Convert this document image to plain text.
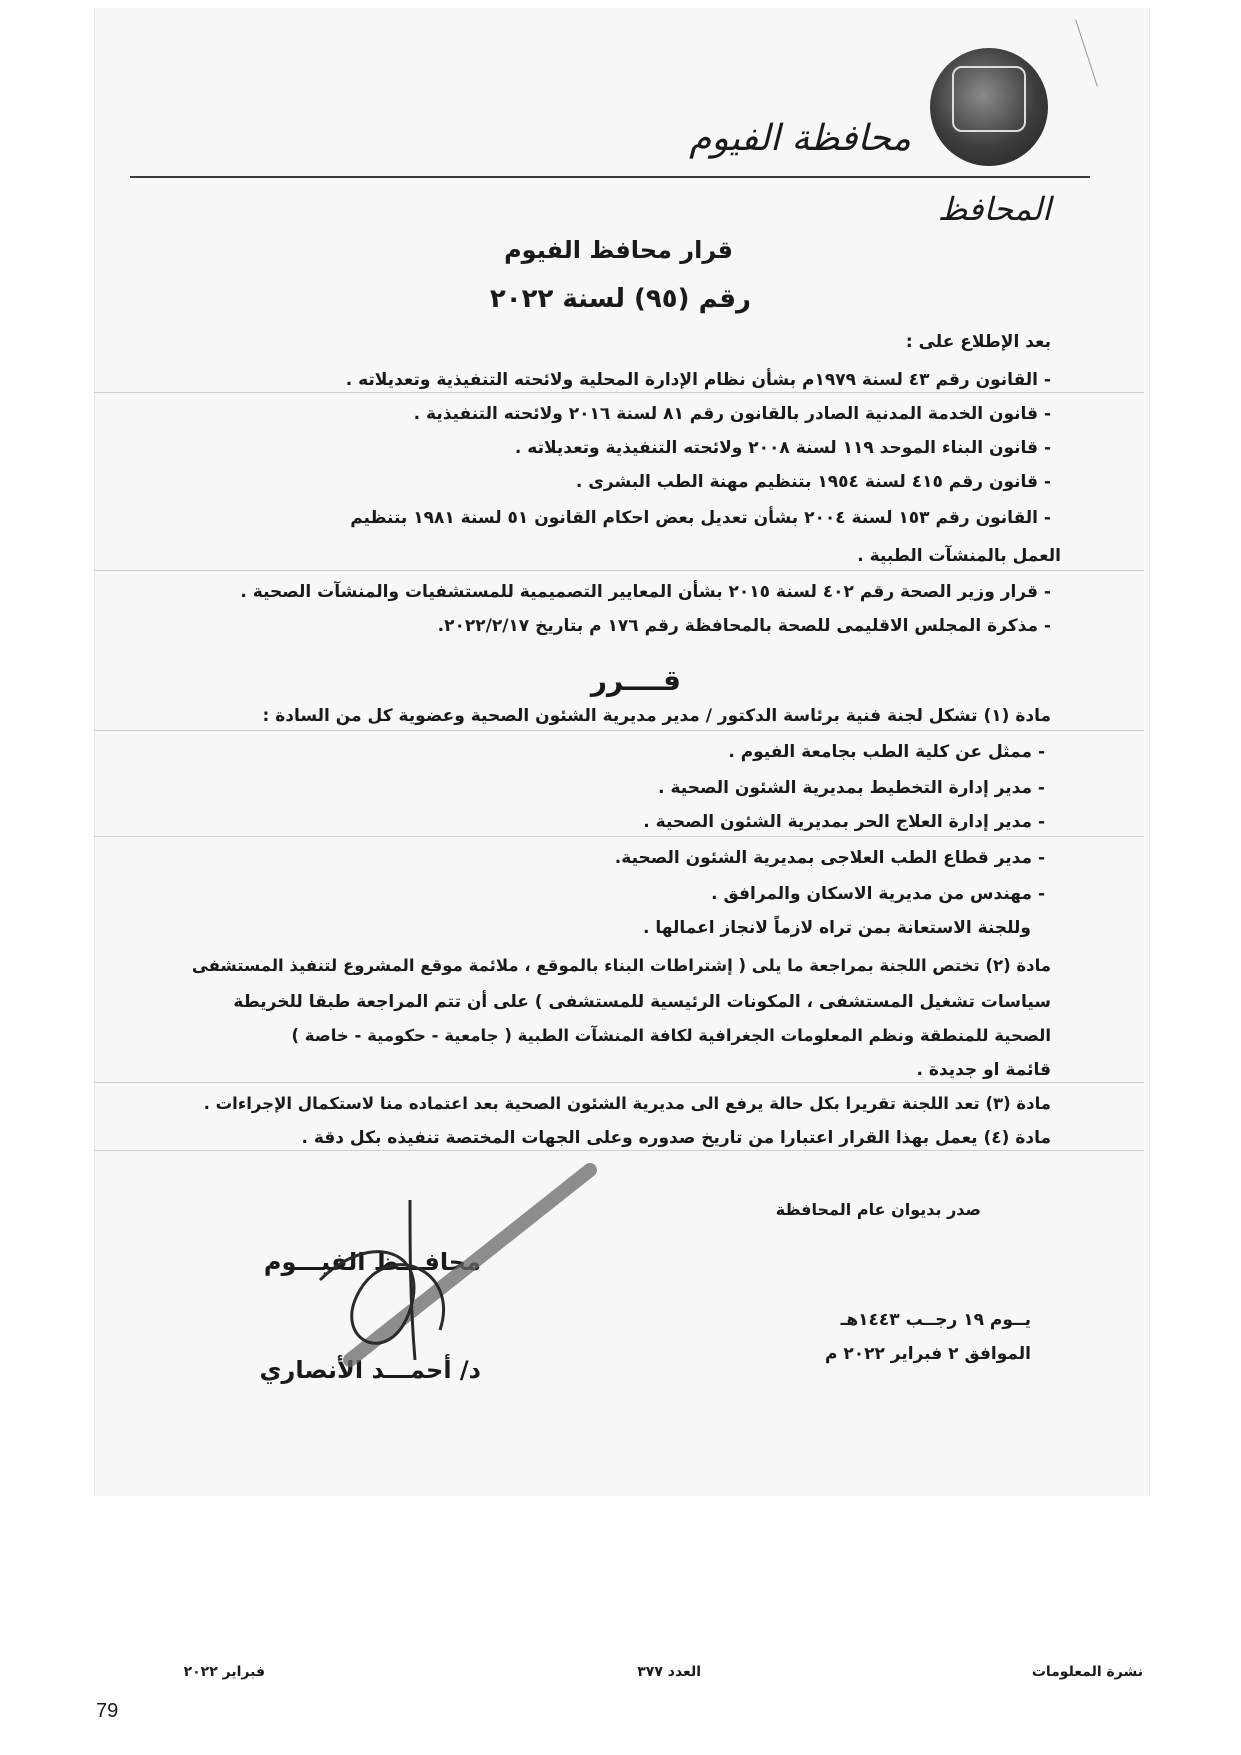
محافظة الفيوم
المحافظ
قرار محافظ الفيوم
رقم (٩٥) لسنة ٢٠٢٢
بعد الإطلاع على :
- القانون رقم ٤٣ لسنة ١٩٧٩م بشأن نظام الإدارة المحلية ولائحته التنفيذية وتعديلاته .
- قانون الخدمة المدنية الصادر بالقانون رقم ٨١ لسنة ٢٠١٦ ولائحته التنفيذية .
- قانون البناء الموحد ١١٩ لسنة ٢٠٠٨ ولائحته التنفيذية وتعديلاته .
- قانون رقم ٤١٥ لسنة ١٩٥٤ بتنظيم مهنة الطب البشرى .
- القانون رقم ١٥٣ لسنة ٢٠٠٤ بشأن تعديل بعض احكام القانون ٥١ لسنة ١٩٨١ بتنظيم
العمل بالمنشآت الطبية .
- قرار وزير الصحة رقم ٤٠٢ لسنة ٢٠١٥ بشأن المعايير التصميمية للمستشفيات والمنشآت الصحية .
- مذكرة المجلس الاقليمى للصحة بالمحافظة رقم ١٧٦ م بتاريخ ٢٠٢٢/٢/١٧.
قــــرر
مادة (١) تشكل لجنة فنية برئاسة الدكتور / مدير مديرية الشئون الصحية وعضوية كل من السادة :
- ممثل عن كلية الطب بجامعة الفيوم .
- مدير إدارة التخطيط بمديرية الشئون الصحية .
- مدير إدارة العلاج الحر بمديرية الشئون الصحية .
- مدير قطاع الطب العلاجى بمديرية الشئون الصحية.
- مهندس من مديرية الاسكان والمرافق .
وللجنة الاستعانة بمن تراه لازماً لانجاز اعمالها .
مادة (٢) تختص اللجنة بمراجعة ما يلى ( إشتراطات البناء بالموقع ، ملائمة موقع المشروع لتنفيذ المستشفى
سياسات تشغيل المستشفى ، المكونات الرئيسية للمستشفى ) على أن تتم المراجعة طبقا للخريطة
الصحية للمنطقة ونظم المعلومات الجغرافية لكافة المنشآت الطبية ( جامعية - حكومية - خاصة )
قائمة او جديدة .
مادة (٣) تعد اللجنة تقريرا بكل حالة يرفع الى مديرية الشئون الصحية بعد اعتماده منا لاستكمال الإجراءات .
مادة (٤) يعمل بهذا القرار اعتبارا من تاريخ صدوره وعلى الجهات المختصة تنفيذه بكل دقة .
صدر بديوان عام المحافظة
محافـــظ الفيـــوم
د/ أحمـــد الأنصاري
يــوم ١٩ رجــب ١٤٤٣هـ
الموافق ٢ فبراير ٢٠٢٢ م
نشرة المعلومات
العدد ٣٧٧
فبراير ٢٠٢٢
79
